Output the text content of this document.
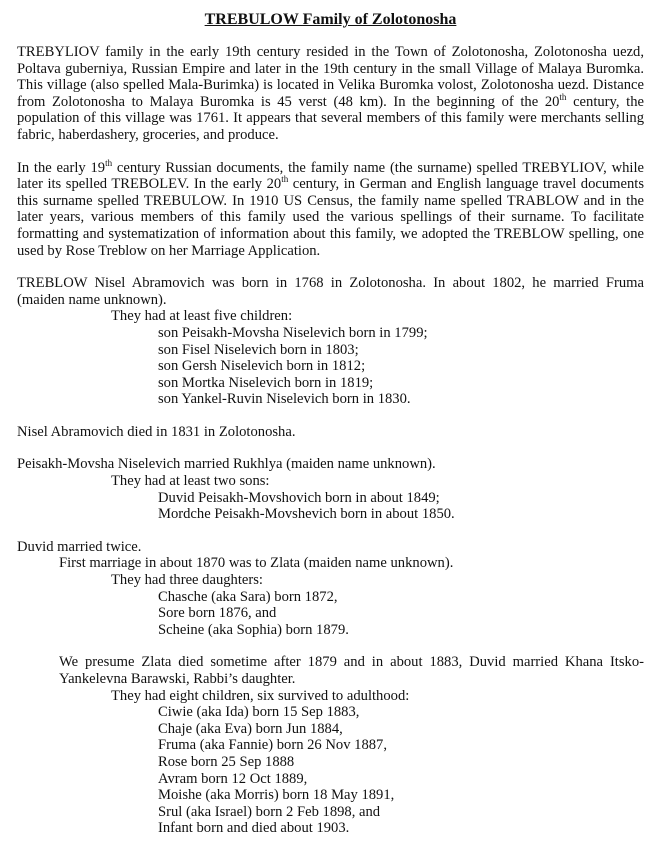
TREBULOW Family of Zolotonosha

TREBYLIOV family in the early 19th century resided in the Town of Zolotonosha, Zolotonosha uezd, Poltava guberniya, Russian Empire and later in the 19th century in the small Village of Malaya Buromka. This village (also spelled Mala-Burimka) is located in Velika Buromka volost, Zolotonosha uezd. Distance from Zolotonosha to Malaya Buromka is 45 verst (48 km). In the beginning of the 20th century, the population of this village was 1761. It appears that several members of this family were merchants selling fabric, haberdashery, groceries, and produce.

In the early 19th century Russian documents, the family name (the surname) spelled TREBYLIOV, while later its spelled TREBOLEV. In the early 20th century, in German and English language travel documents this surname spelled TREBULOW. In 1910 US Census, the family name spelled TRABLOW and in the later years, various members of this family used the various spellings of their surname. To facilitate formatting and systematization of information about this family, we adopted the TREBLOW spelling, one used by Rose Treblow on her Marriage Application.

TREBLOW Nisel Abramovich was born in 1768 in Zolotonosha. In about 1802, he married Fruma (maiden name unknown).

They had at least five children:
son Peisakh-Movsha Niselevich born in 1799;
son Fisel Niselevich born in 1803;
son Gersh Niselevich born in 1812;
son Mortka Niselevich born in 1819;
son Yankel-Ruvin Niselevich born in 1830.
Nisel Abramovich died in 1831 in Zolotonosha.
Peisakh-Movsha Niselevich married Rukhlya (maiden name unknown).
They had at least two sons:
Duvid Peisakh-Movshovich born in about 1849;
Mordche Peisakh-Movshevich born in about 1850.
Duvid married twice.
First marriage in about 1870 was to Zlata (maiden name unknown).
They had three daughters:
Chasche (aka Sara) born 1872,
Sore born 1876, and
Scheine (aka Sophia) born 1879.

We presume Zlata died sometime after 1879 and in about 1883, Duvid married Khana Itsko-Yankelevna Barawski, Rabbi’s daughter.

They had eight children, six survived to adulthood:
Ciwie (aka Ida) born 15 Sep 1883,
Chaje (aka Eva) born Jun 1884,
Fruma (aka Fannie) born 26 Nov 1887,
Rose born 25 Sep 1888
Avram born 12 Oct 1889,
Moishe (aka Morris) born 18 May 1891,
Srul (aka Israel) born 2 Feb 1898, and
Infant born and died about 1903.
